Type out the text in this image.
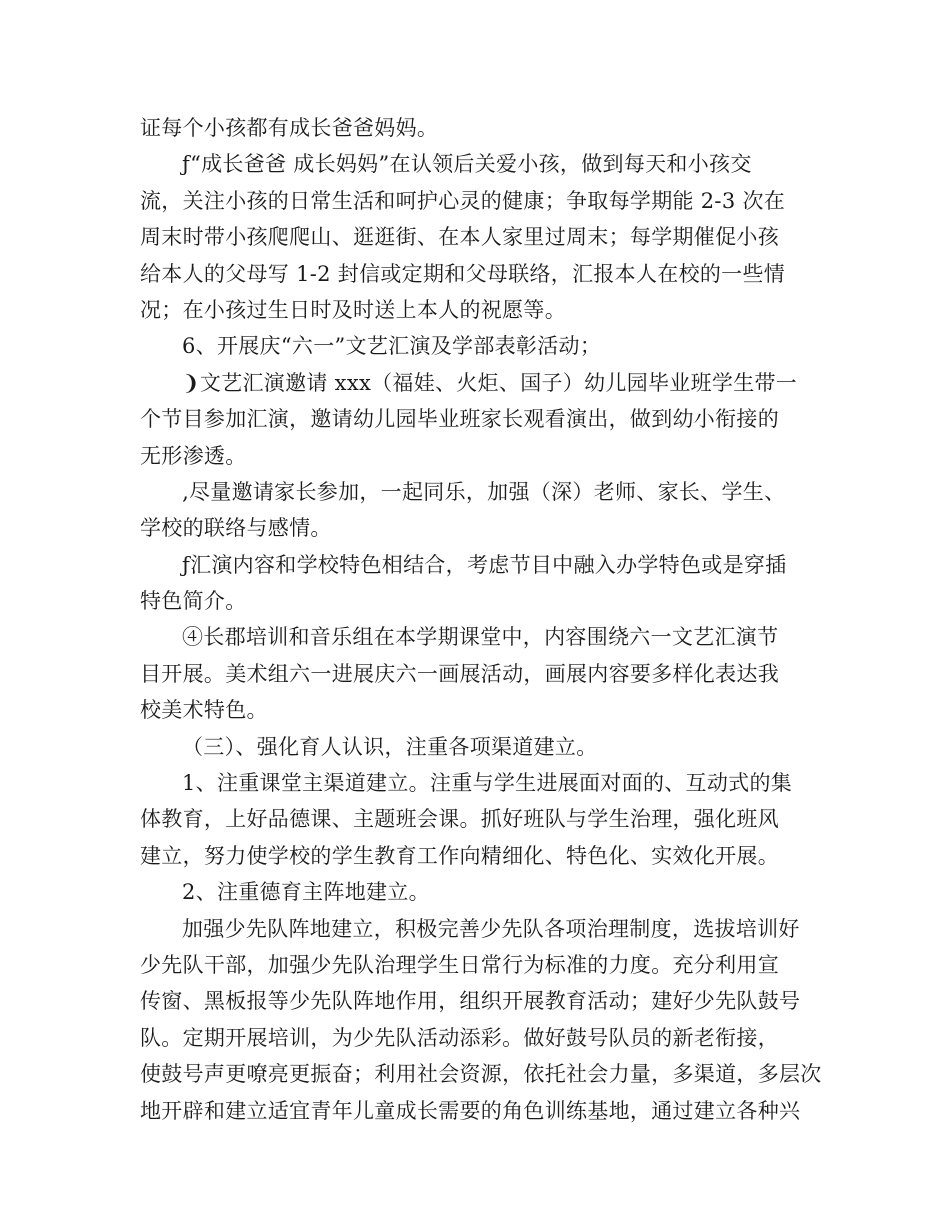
证每个小孩都有成长爸爸妈妈。
ƒ“成长爸爸 成长妈妈”在认领后关爱小孩，做到每天和小孩交
流，关注小孩的日常生活和呵护心灵的健康；争取每学期能 2-3 次在
周末时带小孩爬爬山、逛逛街、在本人家里过周末；每学期催促小孩
给本人的父母写 1-2 封信或定期和父母联络，汇报本人在校的一些情
况；在小孩过生日时及时送上本人的祝愿等。
6、开展庆“六一”文艺汇演及学部表彰活动；
❩文艺汇演邀请 xxx（福娃、火炬、国子）幼儿园毕业班学生带一
个节目参加汇演，邀请幼儿园毕业班家长观看演出，做到幼小衔接的
无形渗透。
‚尽量邀请家长参加，一起同乐，加强（深）老师、家长、学生、
学校的联络与感情。
ƒ汇演内容和学校特色相结合，考虑节目中融入办学特色或是穿插
特色简介。
④长郡培训和音乐组在本学期课堂中，内容围绕六一文艺汇演节
目开展。美术组六一进展庆六一画展活动，画展内容要多样化表达我
校美术特色。
（三）、强化育人认识，注重各项渠道建立。
1、注重课堂主渠道建立。注重与学生进展面对面的、互动式的集
体教育，上好品德课、主题班会课。抓好班队与学生治理，强化班风
建立，努力使学校的学生教育工作向精细化、特色化、实效化开展。
2、注重德育主阵地建立。
加强少先队阵地建立，积极完善少先队各项治理制度，选拔培训好
少先队干部，加强少先队治理学生日常行为标准的力度。充分利用宣
传窗、黑板报等少先队阵地作用，组织开展教育活动；建好少先队鼓号
队。定期开展培训，为少先队活动添彩。做好鼓号队员的新老衔接，
使鼓号声更嘹亮更振奋；利用社会资源，依托社会力量，多渠道，多层次
地开辟和建立适宜青年儿童成长需要的角色训练基地，通过建立各种兴
